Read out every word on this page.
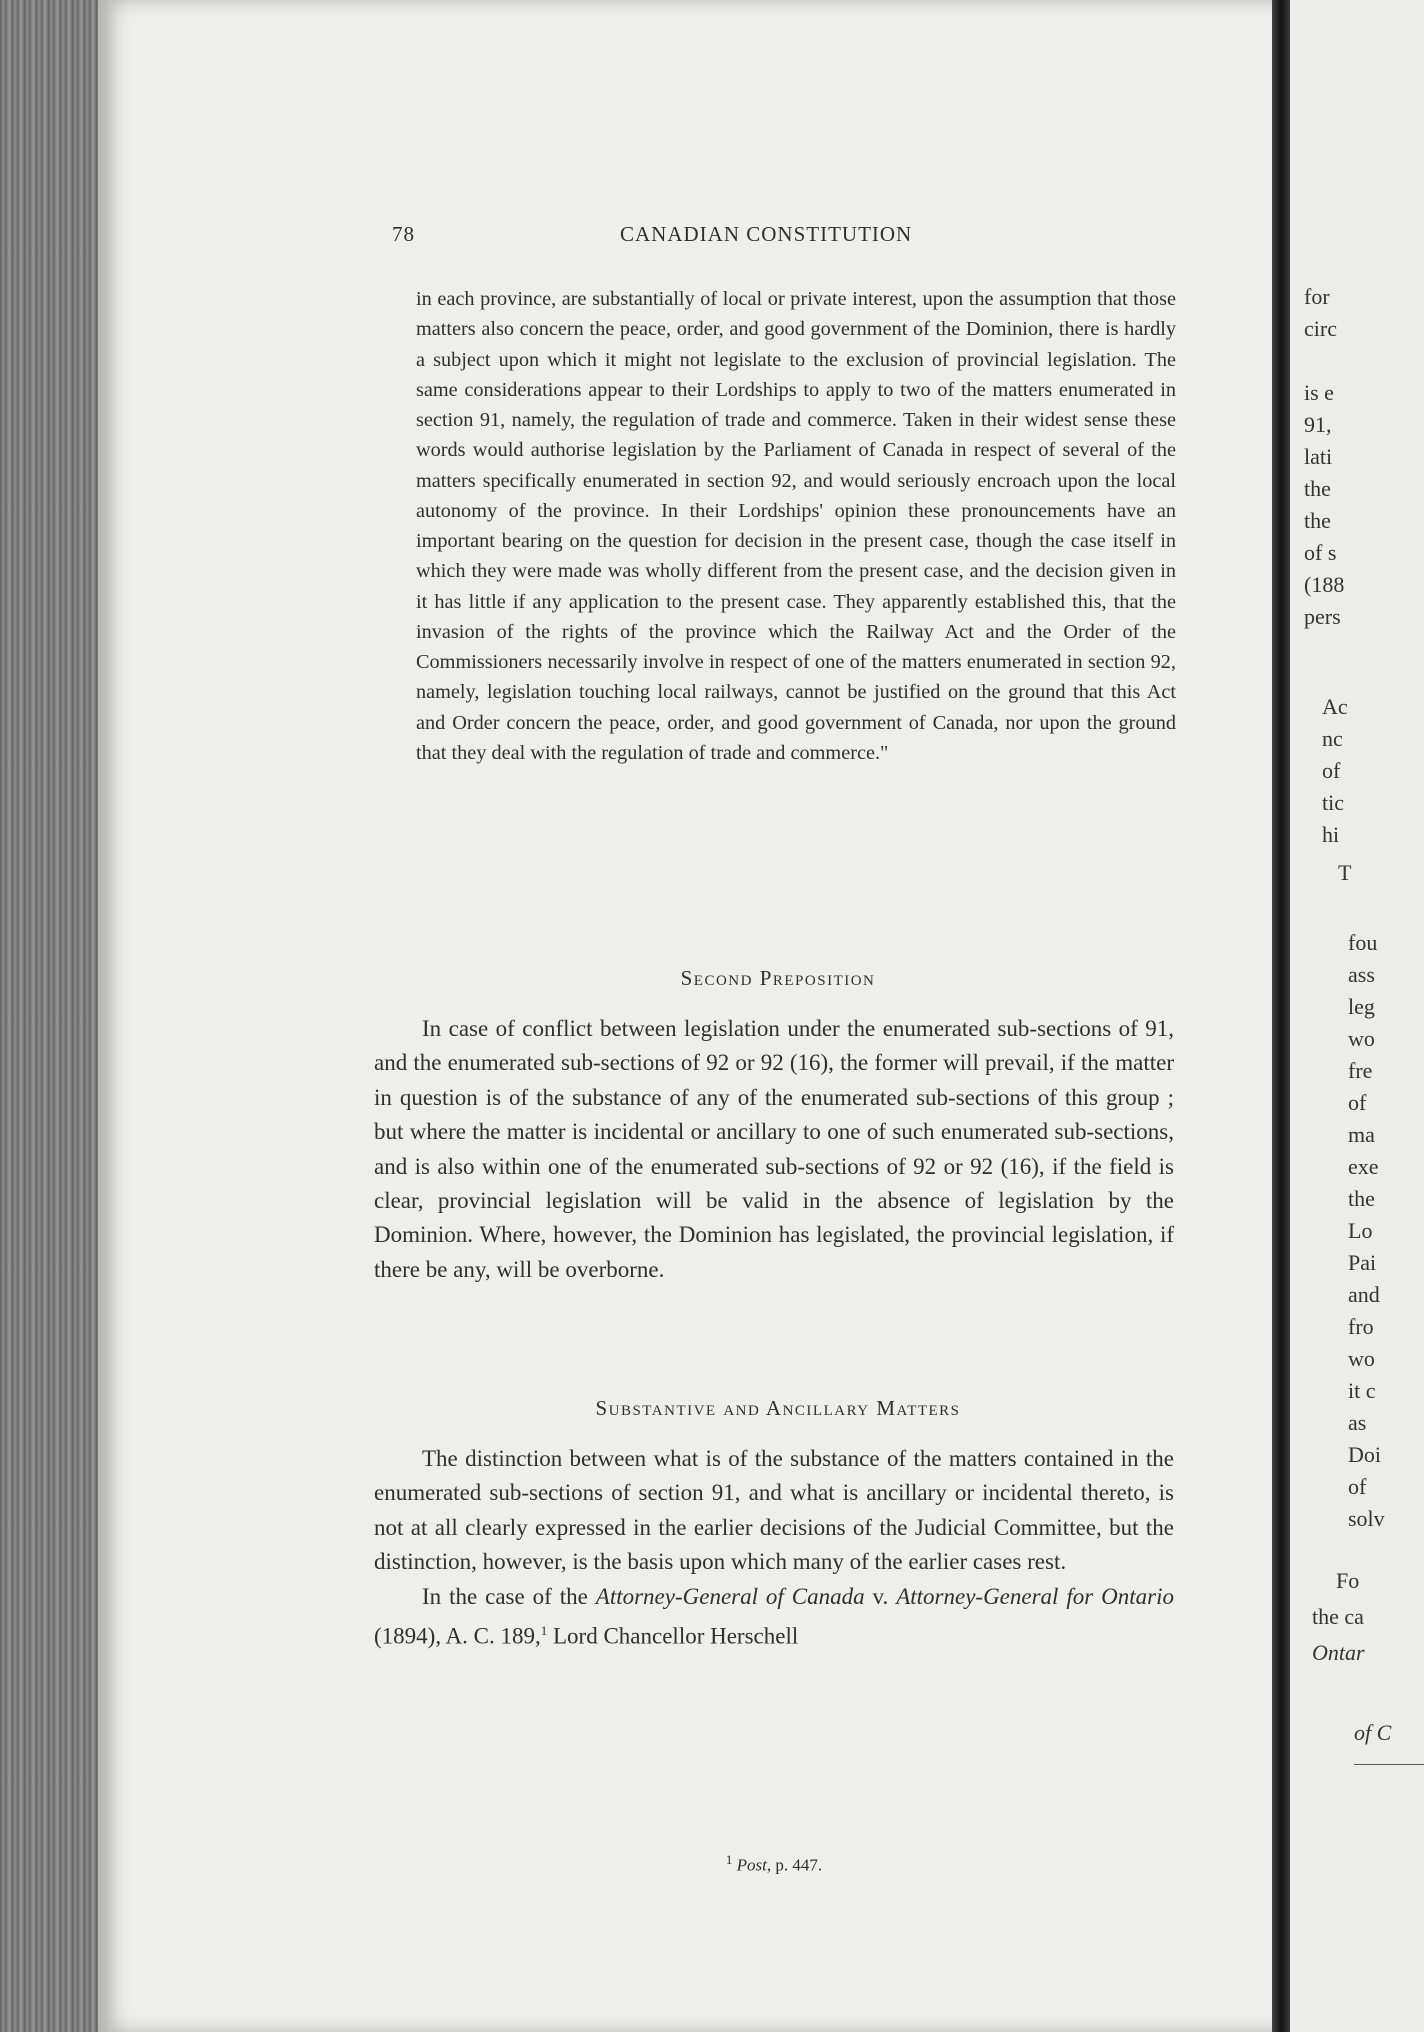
78	CANADIAN CONSTITUTION

in each province, are substantially of local or private interest, upon the assumption that those matters also concern the peace, order, and good government of the Dominion, there is hardly a subject upon which it might not legislate to the exclusion of provincial legislation. The same considerations appear to their Lordships to apply to two of the matters enumerated in section 91, namely, the regulation of trade and commerce. Taken in their widest sense these words would authorise legislation by the Parliament of Canada in respect of several of the matters specifically enumerated in section 92, and would seriously encroach upon the local autonomy of the province. In their Lordships' opinion these pronouncements have an important bearing on the question for decision in the present case, though the case itself in which they were made was wholly different from the present case, and the decision given in it has little if any application to the present case. They apparently established this, that the invasion of the rights of the province which the Railway Act and the Order of the Commissioners necessarily involve in respect of one of the matters enumerated in section 92, namely, legislation touching local railways, cannot be justified on the ground that this Act and Order concern the peace, order, and good government of Canada, nor upon the ground that they deal with the regulation of trade and commerce."

Second Preposition

In case of conflict between legislation under the enumerated sub-sections of 91, and the enumerated sub-sections of 92 or 92 (16), the former will prevail, if the matter in question is of the substance of any of the enumerated sub-sections of this group ; but where the matter is incidental or ancillary to one of such enumerated sub-sections, and is also within one of the enumerated sub-sections of 92 or 92 (16), if the field is clear, provincial legislation will be valid in the absence of legislation by the Dominion. Where, however, the Dominion has legislated, the provincial legislation, if there be any, will be overborne.

Substantive and Ancillary Matters

The distinction between what is of the substance of the matters contained in the enumerated sub-sections of section 91, and what is ancillary or incidental thereto, is not at all clearly expressed in the earlier decisions of the Judicial Committee, but the distinction, however, is the basis upon which many of the earlier cases rest.

In the case of the Attorney-General of Canada v. Attorney-General for Ontario (1894), A. C. 189,$^1$ Lord Chancellor Herschell

$^1$ Post, p. 447.
for
circ
is e
91,
lati
the
the
of s
(188
pers
Ac
nc
of
tic
hi
T
fou
ass
leg
wo
fre
of
ma
exe
the
Lo
Pai
and
fro
wo
it c
as
Doi
of
solv
Fo
the ca
Ontar
of C
